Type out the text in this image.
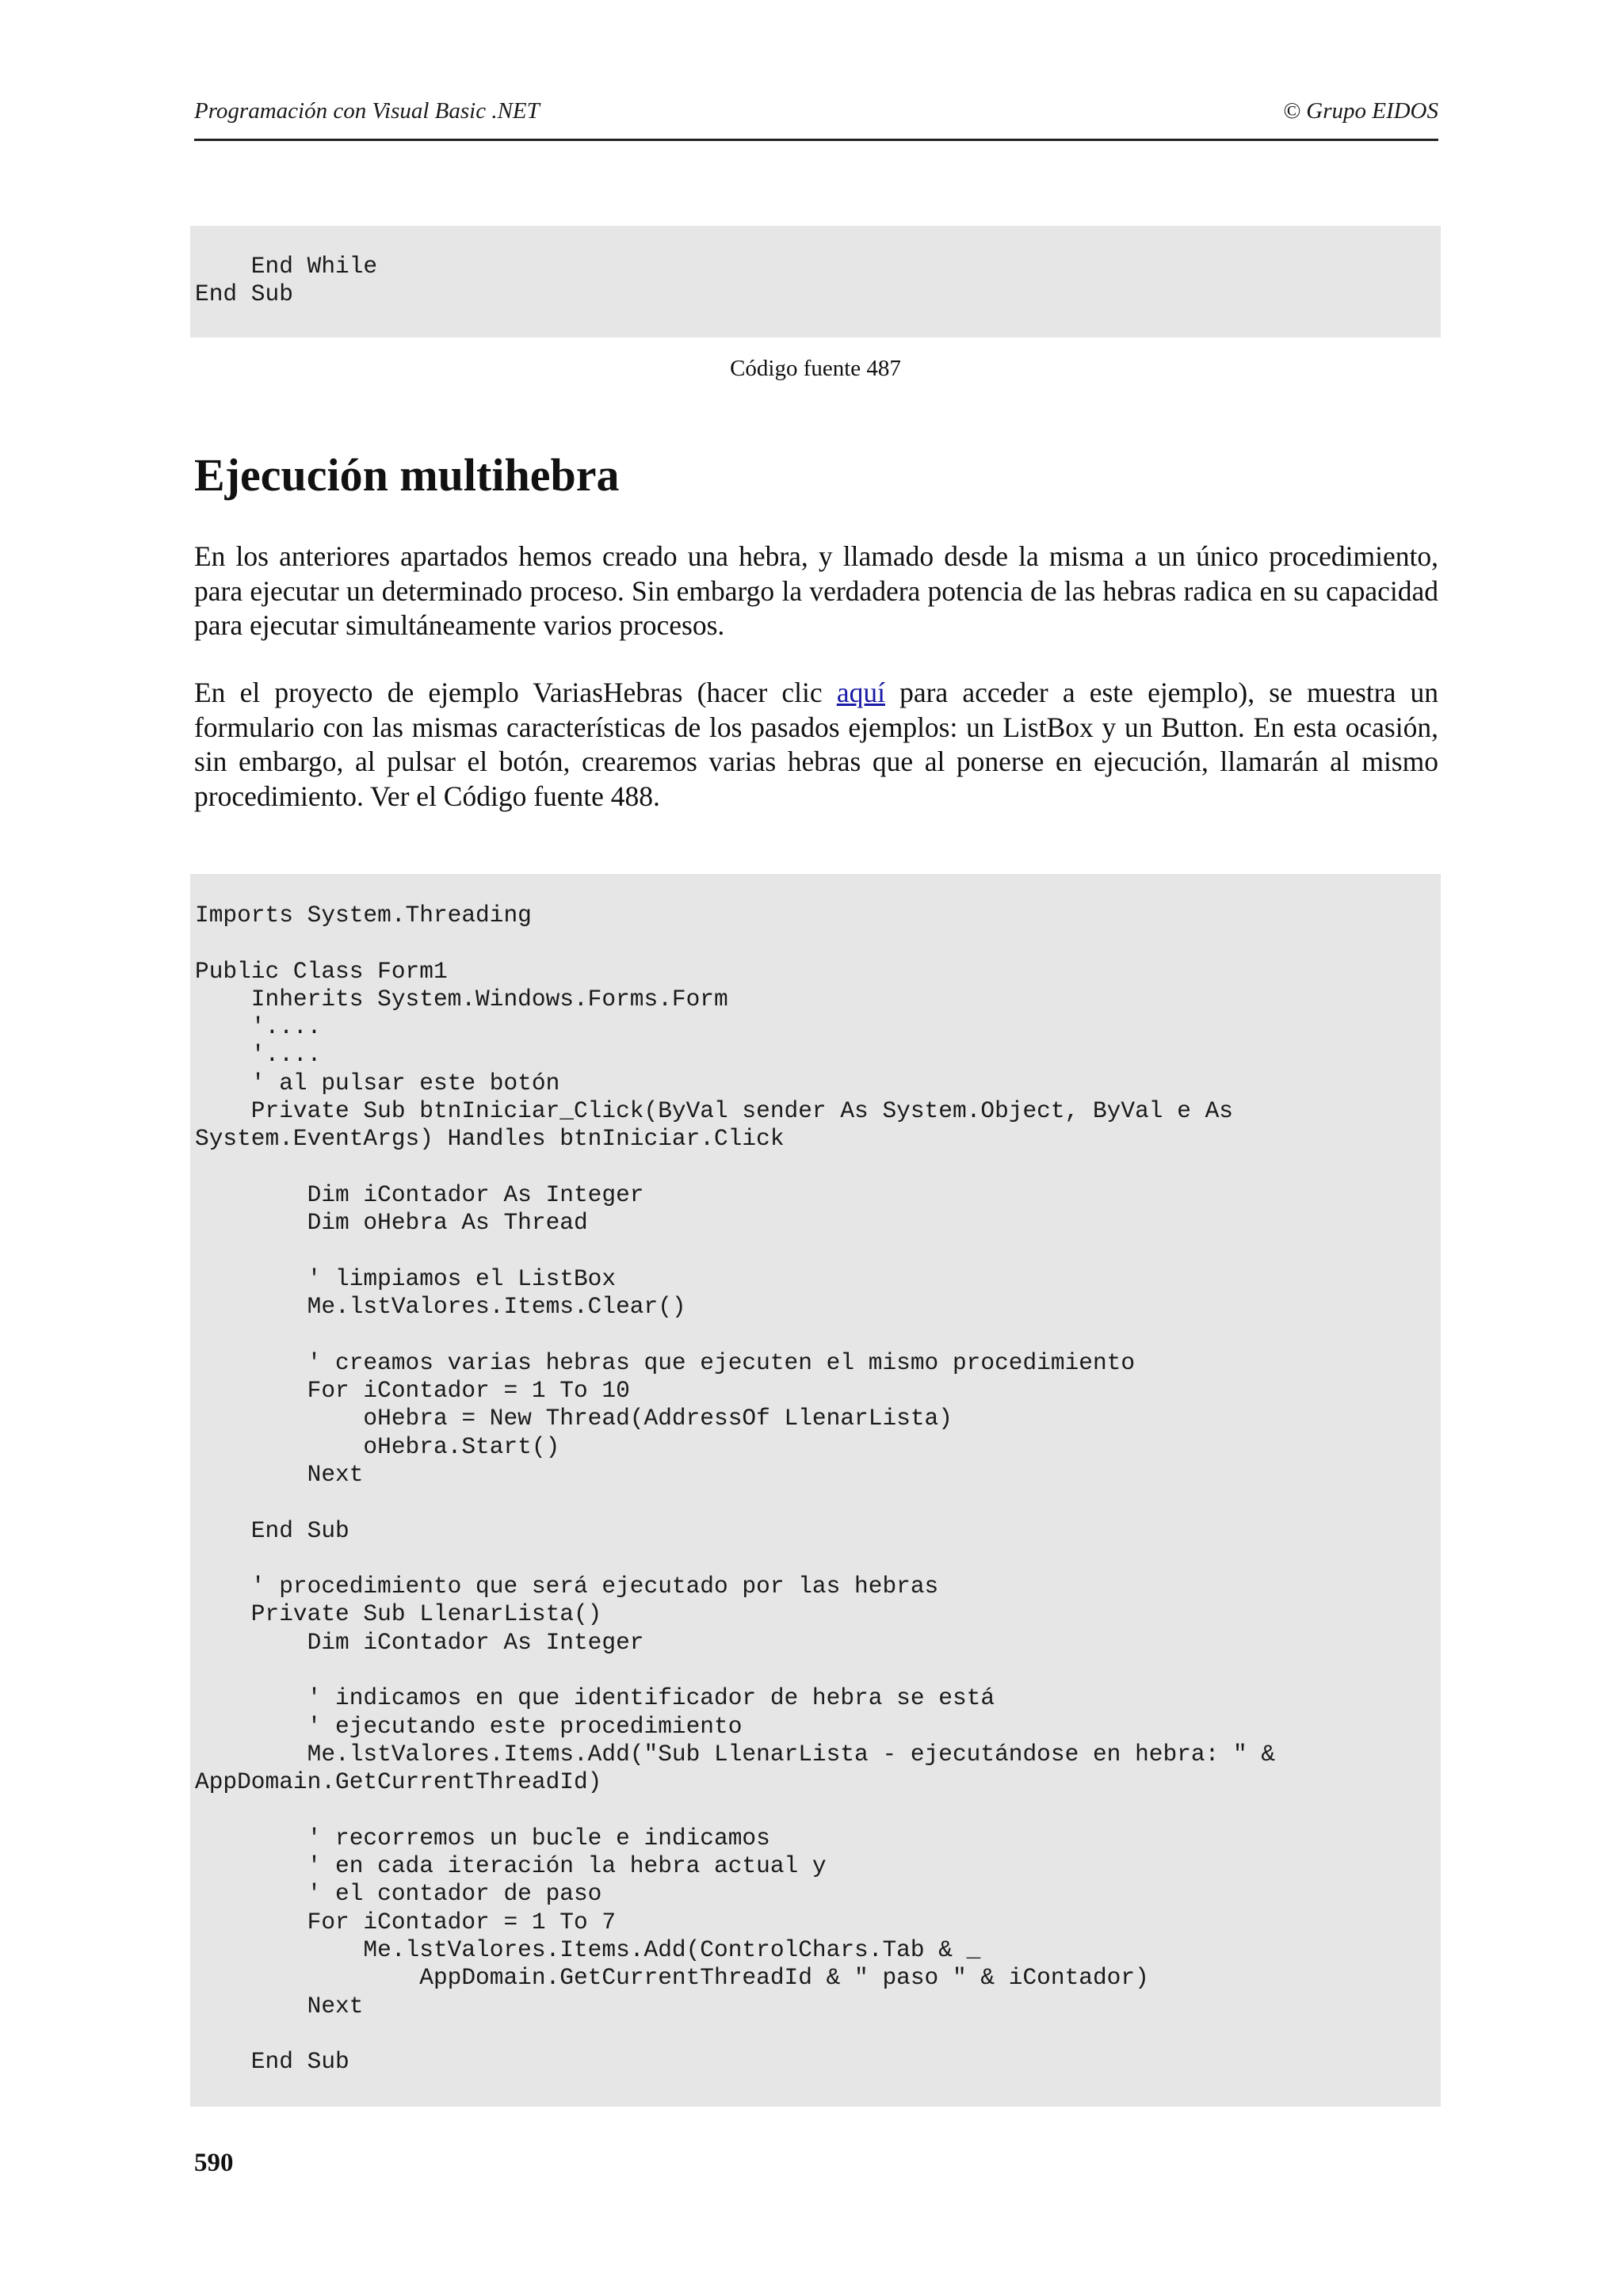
Programación con Visual Basic .NET	© Grupo EIDOS
End While
End Sub
Código fuente 487
Ejecución multihebra

En los anteriores apartados hemos creado una hebra, y llamado desde la misma a un único procedimiento, para ejecutar un determinado proceso. Sin embargo la verdadera potencia de las hebras radica en su capacidad para ejecutar simultáneamente varios procesos.

En el proyecto de ejemplo VariasHebras (hacer clic aquí para acceder a este ejemplo), se muestra un formulario con las mismas características de los pasados ejemplos: un ListBox y un Button. En esta ocasión, sin embargo, al pulsar el botón, crearemos varias hebras que al ponerse en ejecución, llamarán al mismo procedimiento. Ver el Código fuente 488.

Imports System.Threading

Public Class Form1
Inherits System.Windows.Forms.Form
'....
'....
' al pulsar este botón
Private Sub btnIniciar_Click(ByVal sender As System.Object, ByVal e As
System.EventArgs) Handles btnIniciar.Click

Dim iContador As Integer
Dim oHebra As Thread

' limpiamos el ListBox
Me.lstValores.Items.Clear()

' creamos varias hebras que ejecuten el mismo procedimiento
For iContador = 1 To 10
oHebra = New Thread(AddressOf LlenarLista)
oHebra.Start()
Next

End Sub

' procedimiento que será ejecutado por las hebras
Private Sub LlenarLista()
Dim iContador As Integer

' indicamos en que identificador de hebra se está
' ejecutando este procedimiento
Me.lstValores.Items.Add("Sub LlenarLista - ejecutándose en hebra: " &
AppDomain.GetCurrentThreadId)

' recorremos un bucle e indicamos
' en cada iteración la hebra actual y
' el contador de paso
For iContador = 1 To 7
Me.lstValores.Items.Add(ControlChars.Tab & _
AppDomain.GetCurrentThreadId & " paso " & iContador)
Next

End Sub
590
